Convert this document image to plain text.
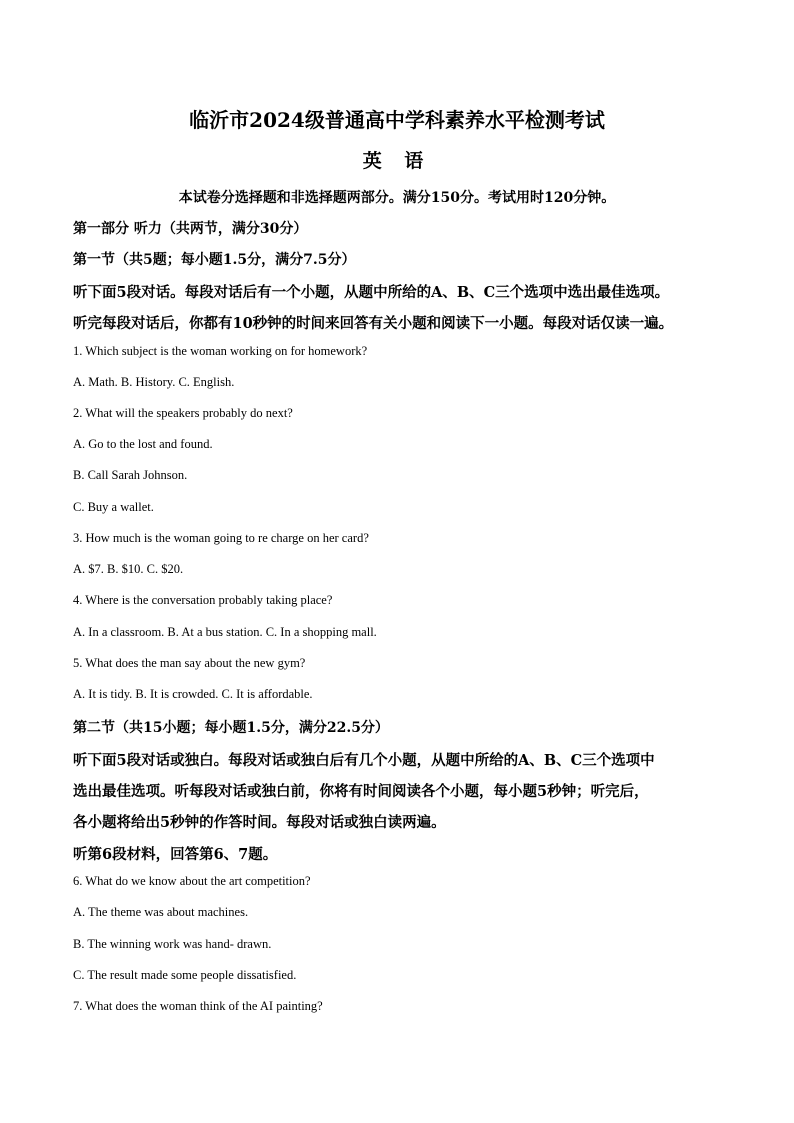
临沂市2024级普通高中学科素养水平检测考试
英 语
本试卷分选择题和非选择题两部分。满分150分。考试用时120分钟。
第一部分 听力（共两节，满分30分）
第一节（共5题；每小题1.5分，满分7.5分）
听下面5段对话。每段对话后有一个小题，从题中所给的A、B、C三个选项中选出最佳选项。
听完每段对话后，你都有10秒钟的时间来回答有关小题和阅读下一小题。每段对话仅读一遍。
1. Which subject is the woman working on for homework?
A. Math. B. History. C. English.
2. What will the speakers probably do next?
A. Go to the lost and found.
B. Call Sarah Johnson.
C. Buy a wallet.
3. How much is the woman going to re charge on her card?
A. $7. B. $10. C. $20.
4. Where is the conversation probably taking place?
A. In a classroom. B. At a bus station. C. In a shopping mall.
5. What does the man say about the new gym?
A. It is tidy. B. It is crowded. C. It is affordable.
第二节（共15小题；每小题1.5分，满分22.5分）
听下面5段对话或独白。每段对话或独白后有几个小题，从题中所给的A、B、C三个选项中
选出最佳选项。听每段对话或独白前，你将有时间阅读各个小题，每小题5秒钟；听完后，
各小题将给出5秒钟的作答时间。每段对话或独白读两遍。
听第6段材料，回答第6、7题。
6. What do we know about the art competition?
A. The theme was about machines.
B. The winning work was hand- drawn.
C. The result made some people dissatisfied.
7. What does the woman think of the AI painting?
